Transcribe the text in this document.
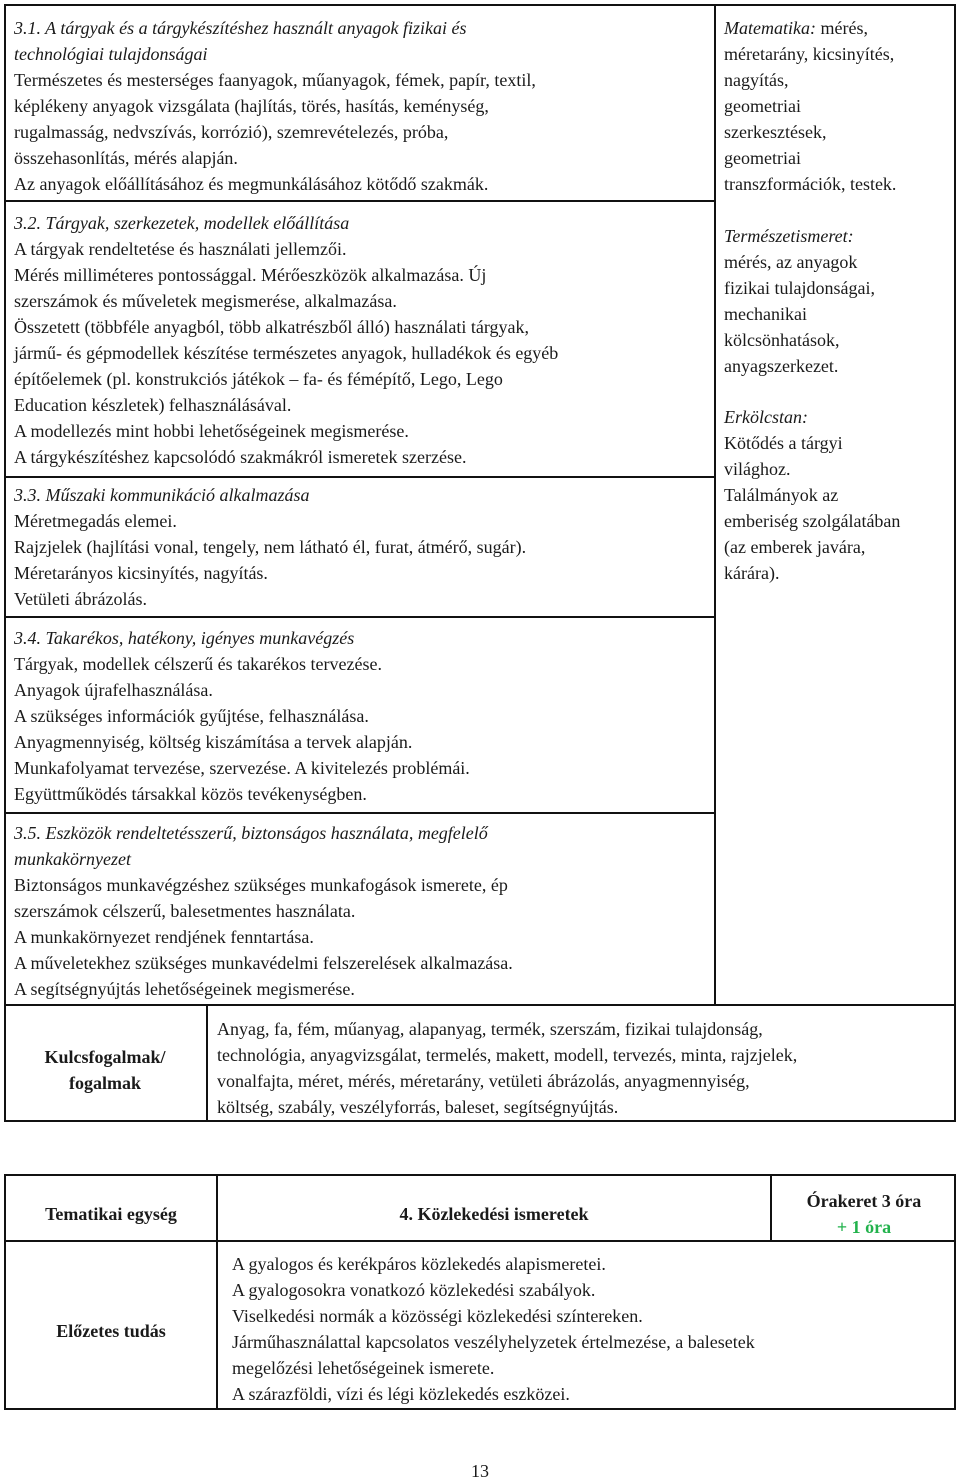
3.1. A tárgyak és a tárgykészítéshez használt anyagok fizikai és
technológiai tulajdonságai
Természetes és mesterséges faanyagok, műanyagok, fémek, papír, textil,
képlékeny anyagok vizsgálata (hajlítás, törés, hasítás, keménység,
rugalmasság, nedvszívás, korrózió), szemrevételezés, próba,
összehasonlítás, mérés alapján.
Az anyagok előállításához és megmunkálásához kötődő szakmák.
3.2. Tárgyak, szerkezetek, modellek előállítása
A tárgyak rendeltetése és használati jellemzői.
Mérés milliméteres pontossággal. Mérőeszközök alkalmazása. Új
szerszámok és műveletek megismerése, alkalmazása.
Összetett (többféle anyagból, több alkatrészből álló) használati tárgyak,
jármű- és gépmodellek készítése természetes anyagok, hulladékok és egyéb
építőelemek (pl. konstrukciós játékok – fa- és fémépítő, Lego, Lego
Education készletek) felhasználásával.
A modellezés mint hobbi lehetőségeinek megismerése.
A tárgykészítéshez kapcsolódó szakmákról ismeretek szerzése.
3.3. Műszaki kommunikáció alkalmazása
Méretmegadás elemei.
Rajzjelek (hajlítási vonal, tengely, nem látható él, furat, átmérő, sugár).
Méretarányos kicsinyítés, nagyítás.
Vetületi ábrázolás.
3.4. Takarékos, hatékony, igényes munkavégzés
Tárgyak, modellek célszerű és takarékos tervezése.
Anyagok újrafelhasználása.
A szükséges információk gyűjtése, felhasználása.
Anyagmennyiség, költség kiszámítása a tervek alapján.
Munkafolyamat tervezése, szervezése. A kivitelezés problémái.
Együttműködés társakkal közös tevékenységben.
3.5. Eszközök rendeltetésszerű, biztonságos használata, megfelelő
munkakörnyezet
Biztonságos munkavégzéshez szükséges munkafogások ismerete, ép
szerszámok célszerű, balesetmentes használata.
A munkakörnyezet rendjének fenntartása.
A műveletekhez szükséges munkavédelmi felszerelések alkalmazása.
A segítségnyújtás lehetőségeinek megismerése.
Matematika: mérés,
méretarány, kicsinyítés,
nagyítás,
geometriai
szerkesztések,
geometriai
transzformációk, testek.
Természetismeret:
mérés, az anyagok
fizikai tulajdonságai,
mechanikai
kölcsönhatások,
anyagszerkezet.
Erkölcstan:
Kötődés a tárgyi
világhoz.
Találmányok az
emberiség szolgálatában
(az emberek javára,
kárára).
Kulcsfogalmak/
fogalmak
Anyag, fa, fém, műanyag, alapanyag, termék, szerszám, fizikai tulajdonság,
technológia, anyagvizsgálat, termelés, makett, modell, tervezés, minta, rajzjelek,
vonalfajta, méret, mérés, méretarány, vetületi ábrázolás, anyagmennyiség,
költség, szabály, veszélyforrás, baleset, segítségnyújtás.
Tematikai egység	4. Közlekedési ismeretek
Órakeret 3 óra
+ 1 óra
Előzetes tudás
A gyalogos és kerékpáros közlekedés alapismeretei.
A gyalogosokra vonatkozó közlekedési szabályok.
Viselkedési normák a közösségi közlekedési színtereken.
Járműhasználattal kapcsolatos veszélyhelyzetek értelmezése, a balesetek
megelőzési lehetőségeinek ismerete.
A szárazföldi, vízi és légi közlekedés eszközei.
13
